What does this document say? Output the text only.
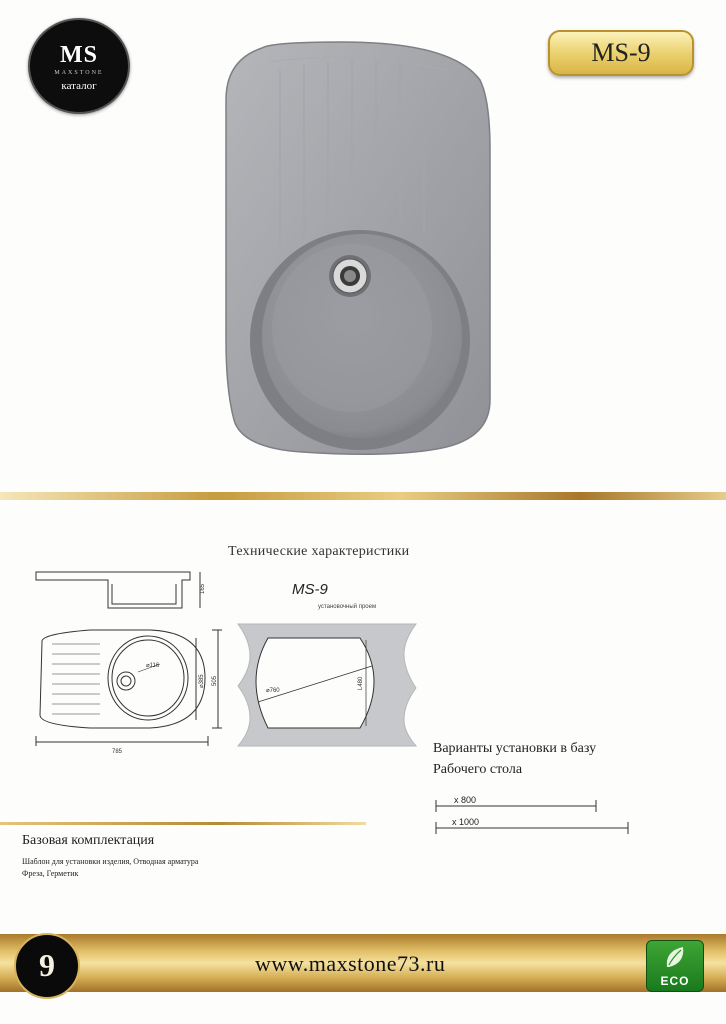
MS
MAXSTONE
каталог
MS-9
Технические характеристики
MS-9
установочный проем
165
⌀116
⌀385 505
785
⌀760
L480
Варианты установки в базу
Рабочего стола
x 800
x 1000
Базовая комплектация
Шаблон для установки изделия, Отводная арматура
Фреза, Герметик
9	www.maxstone73.ru
ECO
